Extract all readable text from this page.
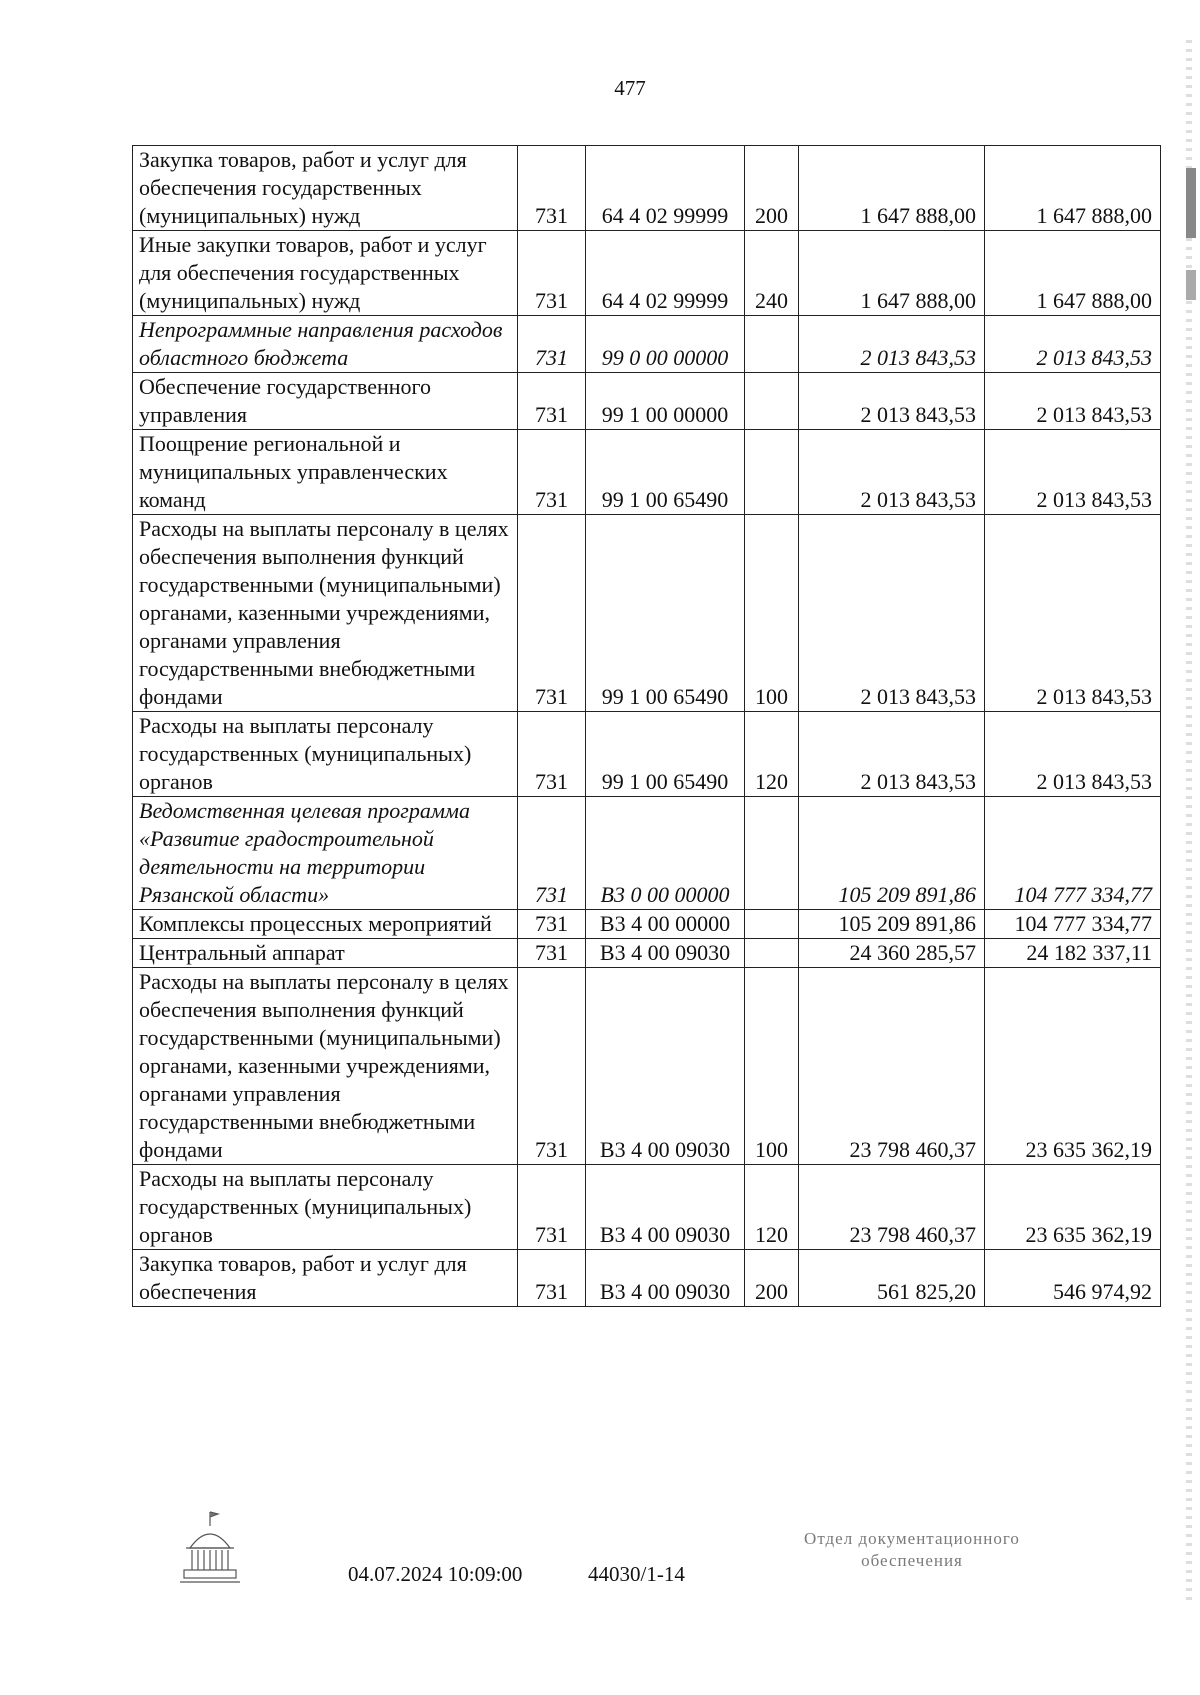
477
Закупка товаров, работ и услуг для обеспечения государственных (муниципальных) нужд	731	64 4 02 99999	200	1 647 888,00	1 647 888,00
Иные закупки товаров, работ и услуг для обеспечения государственных (муниципальных) нужд	731	64 4 02 99999	240	1 647 888,00	1 647 888,00
Непрограммные направления расходов областного бюджета	731	99 0 00 00000		2 013 843,53	2 013 843,53
Обеспечение государственного управления	731	99 1 00 00000		2 013 843,53	2 013 843,53
Поощрение региональной и муниципальных управленческих команд	731	99 1 00 65490		2 013 843,53	2 013 843,53
Расходы на выплаты персоналу в целях обеспечения выполнения функций государственными (муниципальными) органами, казенными учреждениями, органами управления государственными внебюджетными фондами	731	99 1 00 65490	100	2 013 843,53	2 013 843,53
Расходы на выплаты персоналу государственных (муниципальных) органов	731	99 1 00 65490	120	2 013 843,53	2 013 843,53
Ведомственная целевая программа «Развитие градостроительной деятельности на территории Рязанской области»	731	В3 0 00 00000		105 209 891,86	104 777 334,77
Комплексы процессных мероприятий	731	В3 4 00 00000		105 209 891,86	104 777 334,77
Центральный аппарат	731	В3 4 00 09030		24 360 285,57	24 182 337,11
Расходы на выплаты персоналу в целях обеспечения выполнения функций государственными (муниципальными) органами, казенными учреждениями, органами управления государственными внебюджетными фондами	731	В3 4 00 09030	100	23 798 460,37	23 635 362,19
Расходы на выплаты персоналу государственных (муниципальных) органов	731	В3 4 00 09030	120	23 798 460,37	23 635 362,19
Закупка товаров, работ и услуг для обеспечения	731	В3 4 00 09030	200	561 825,20	546 974,92
04.07.2024 10:09:00	44030/1-14
Отдел документационного
обеспечения
